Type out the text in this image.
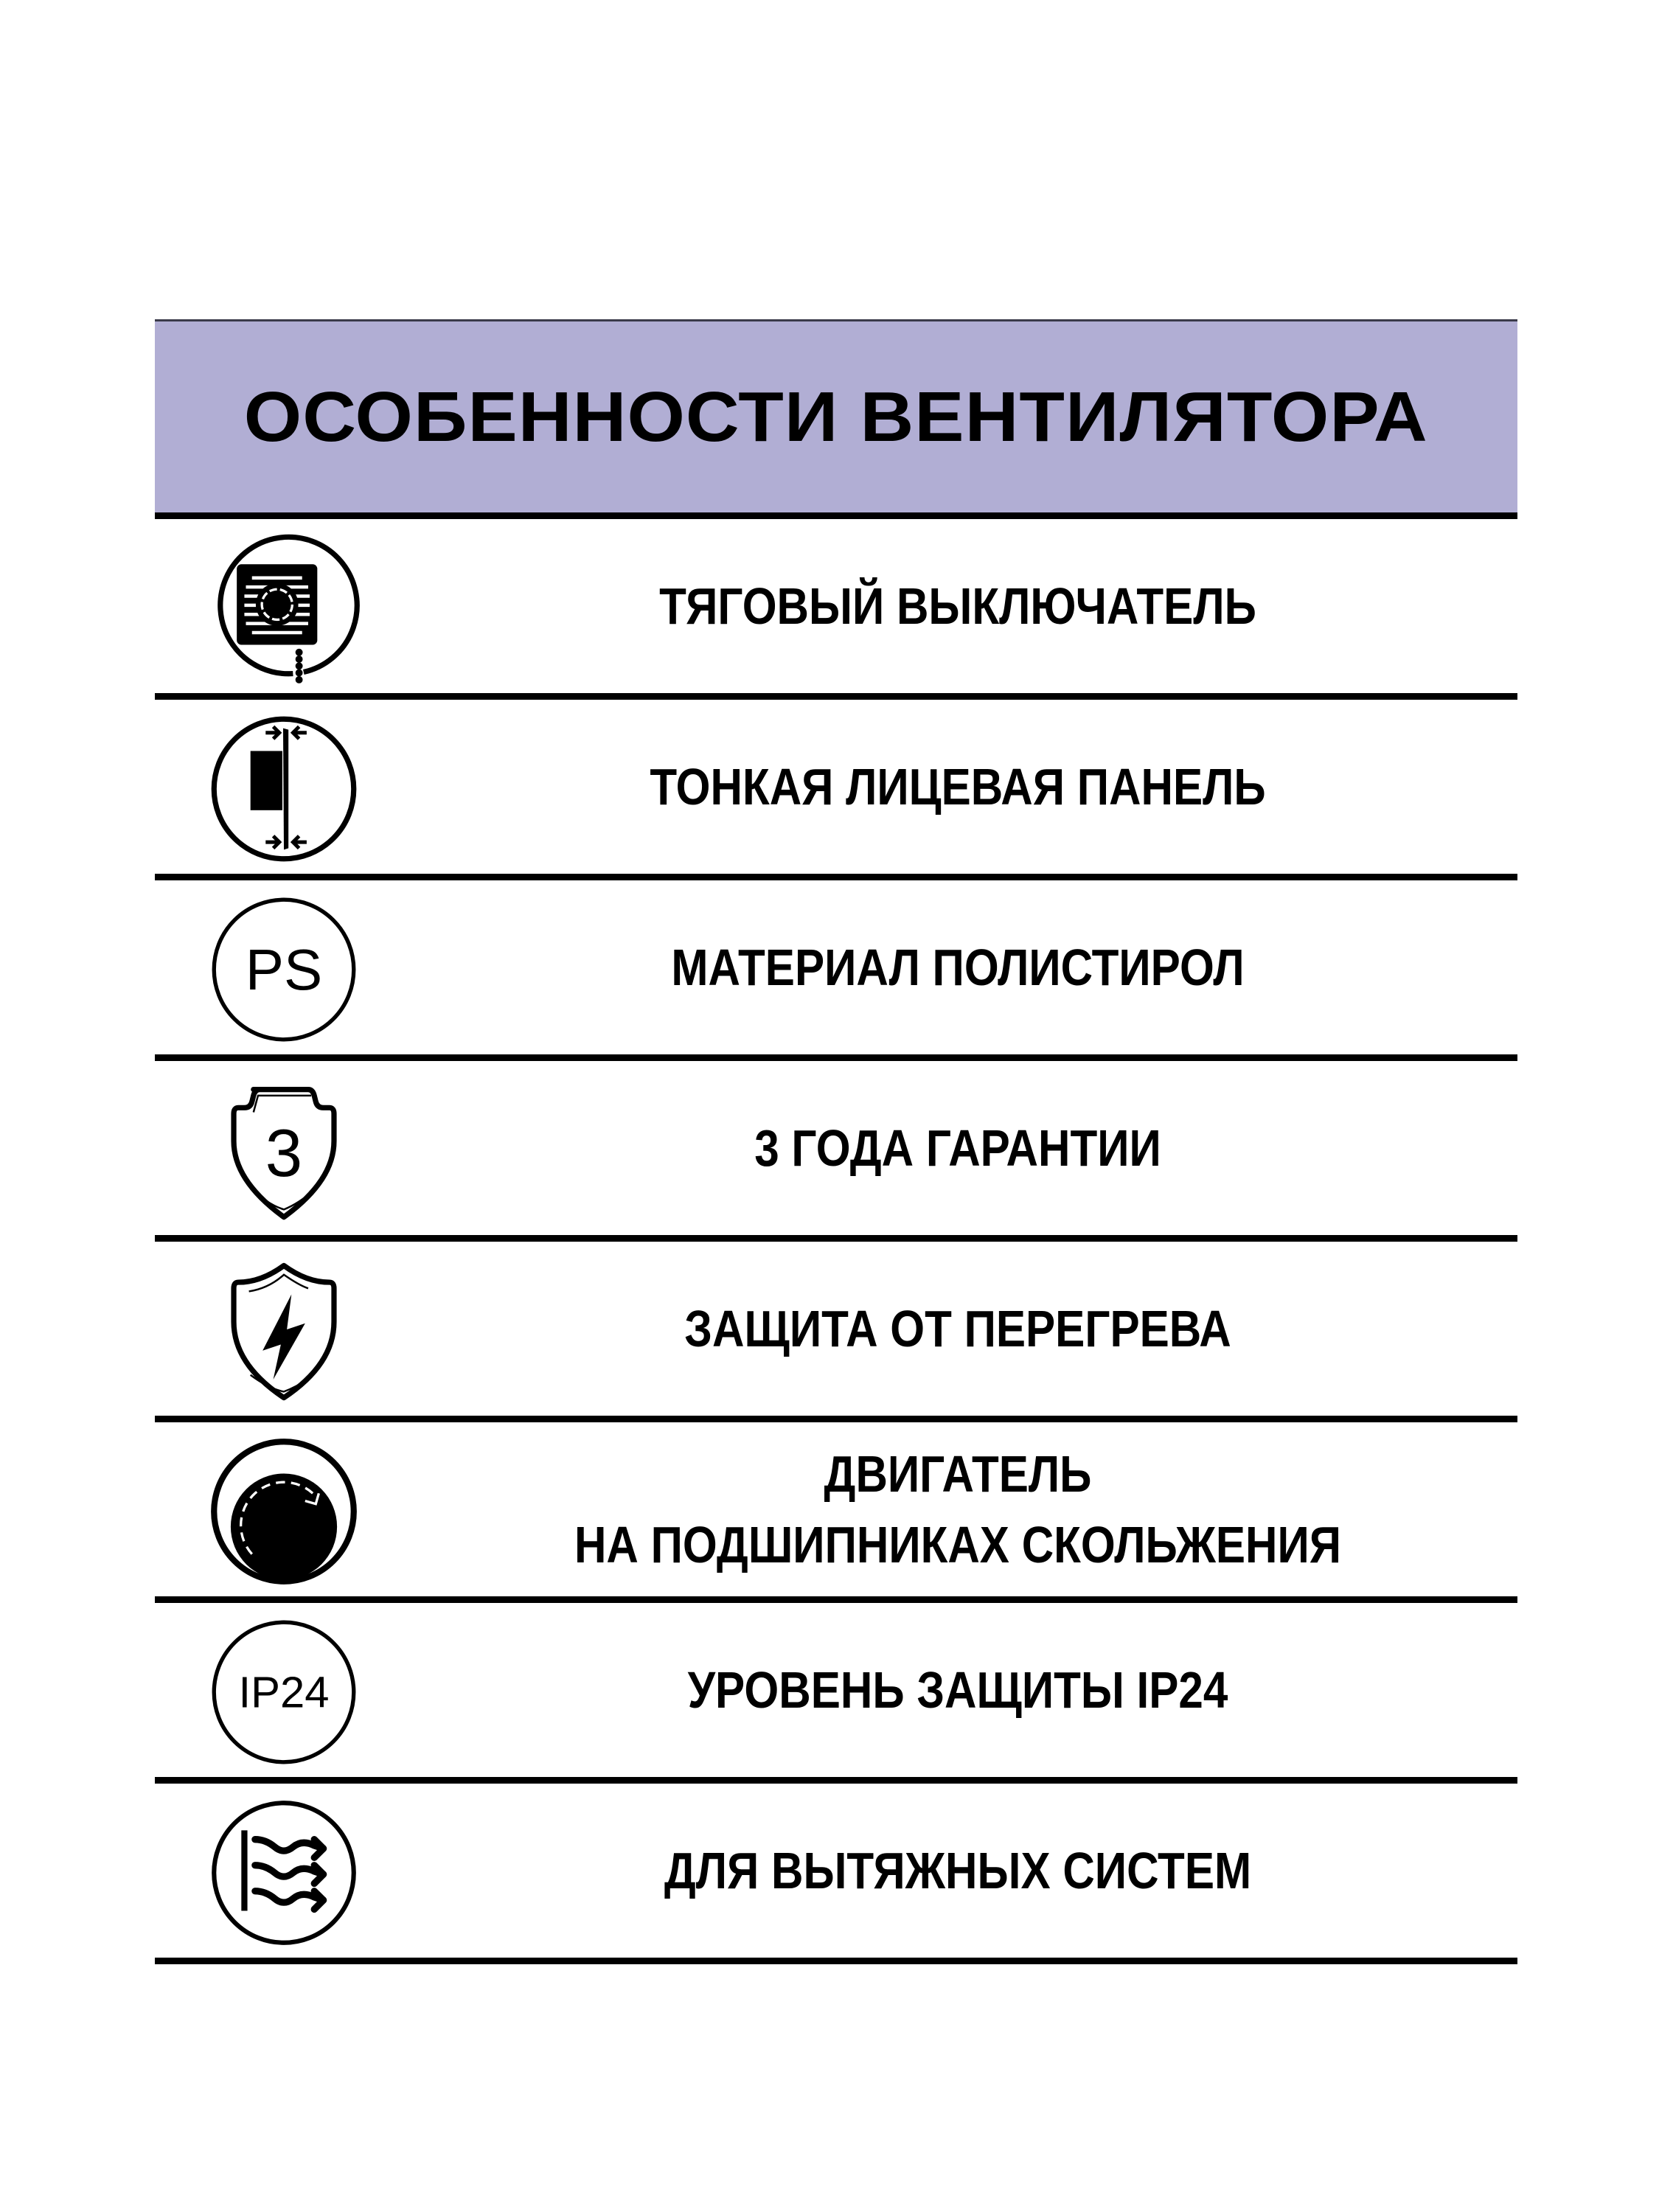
ОСОБЕННОСТИ ВЕНТИЛЯТОРА
ТЯГОВЫЙ ВЫКЛЮЧАТЕЛЬ
ТОНКАЯ ЛИЦЕВАЯ ПАНЕЛЬ
PS	МАТЕРИАЛ ПОЛИСТИРОЛ
3	3 ГОДА ГАРАНТИИ
ЗАЩИТА ОТ ПЕРЕГРЕВА
ДВИГАТЕЛЬ
НА ПОДШИПНИКАХ СКОЛЬЖЕНИЯ
IP24	УРОВЕНЬ ЗАЩИТЫ IP24
ДЛЯ ВЫТЯЖНЫХ СИСТЕМ
